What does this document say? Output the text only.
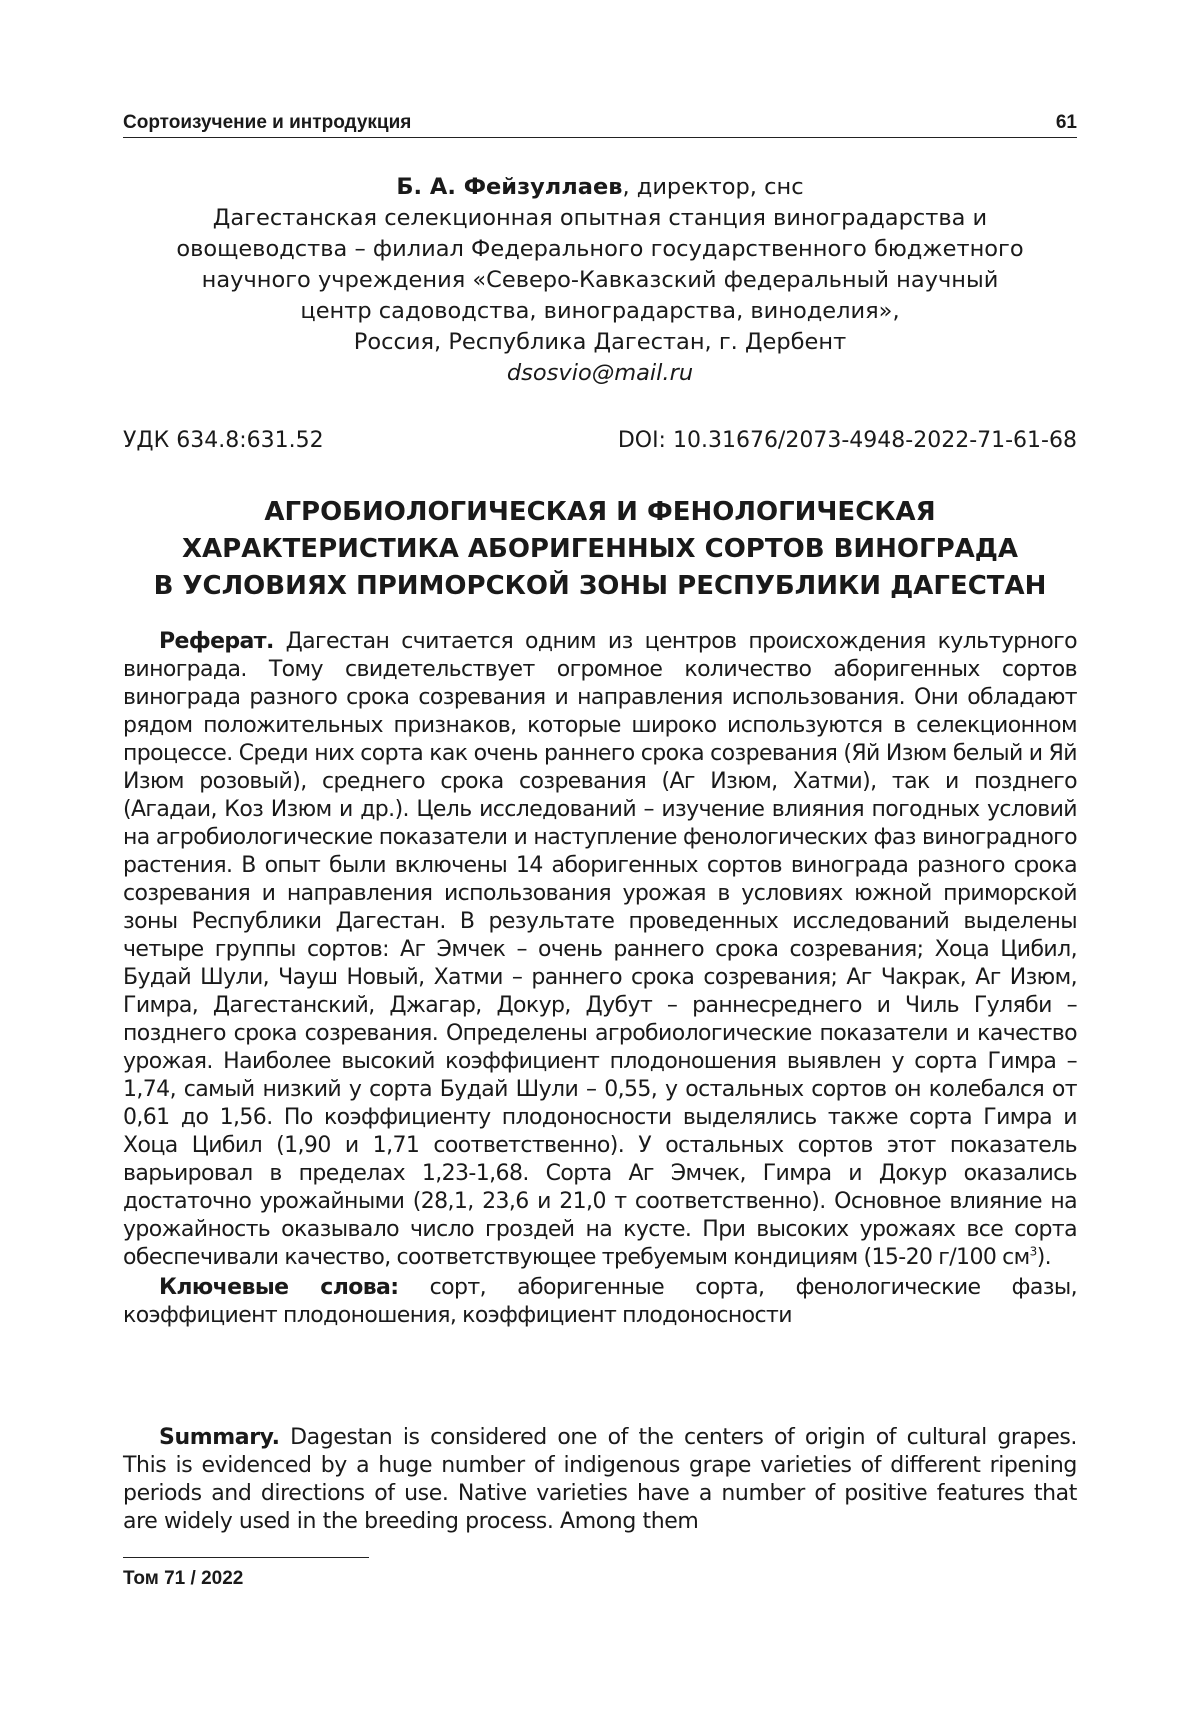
Сортоизучение и интродукция	61
Б. А. Фейзуллаев, директор, снс
Дагестанская селекционная опытная станция виноградарства и
овощеводства – филиал Федерального государственного бюджетного
научного учреждения «Северо-Кавказский федеральный научный
центр садоводства, виноградарства, виноделия»,
Россия, Республика Дагестан, г. Дербент
dsosvio@mail.ru
УДК 634.8:631.52	DOI: 10.31676/2073-4948-2022-71-61-68
АГРОБИОЛОГИЧЕСКАЯ И ФЕНОЛОГИЧЕСКАЯ
ХАРАКТЕРИСТИКА АБОРИГЕННЫХ СОРТОВ ВИНОГРАДА
В УСЛОВИЯХ ПРИМОРСКОЙ ЗОНЫ РЕСПУБЛИКИ ДАГЕСТАН

Реферат. Дагестан считается одним из центров происхождения культурного винограда. Тому свидетельствует огромное количество аборигенных сортов винограда разного срока созревания и направления использования. Они обладают рядом положительных признаков, которые широко используются в селекционном процессе. Среди них сорта как очень раннего срока созревания (Яй Изюм белый и Яй Изюм розовый), среднего срока созревания (Аг Изюм, Хатми), так и позднего (Агадаи, Коз Изюм и др.). Цель исследований – изучение влияния погодных условий на агробиологические показатели и наступление фенологических фаз виноградного растения. В опыт были включены 14 аборигенных сортов винограда разного срока созревания и направления использования урожая в условиях южной приморской зоны Республики Дагестан. В результате проведенных исследований выделены четыре группы сортов: Аг Эмчек – очень раннего срока созревания; Хоца Цибил, Будай Шули, Чауш Новый, Хатми – раннего срока созревания; Аг Чакрак, Аг Изюм, Гимра, Дагестанский, Джагар, Докур, Дубут – раннесреднего и Чиль Гуляби – позднего срока созревания. Определены агробиологические показатели и качество урожая. Наиболее высокий коэффициент плодоношения выявлен у сорта Гимра – 1,74, самый низкий у сорта Будай Шули – 0,55, у остальных сортов он колебался от 0,61 до 1,56. По коэффициенту плодоносности выделялись также сорта Гимра и Хоца Цибил (1,90 и 1,71 соответственно). У остальных сортов этот показатель варьировал в пределах 1,23-1,68. Сорта Аг Эмчек, Гимра и Докур оказались достаточно урожайными (28,1, 23,6 и 21,0 т соответственно). Основное влияние на урожайность оказывало число гроздей на кусте. При высоких урожаях все сорта обеспечивали качество, соответствующее требуемым кондициям (15-20 г/100 $см^3$).

Ключевые слова: сорт, аборигенные сорта, фенологические фазы, коэффициент плодоношения, коэффициент плодоносности

Summary. Dagestan is considered one of the centers of origin of cultural grapes. This is evidenced by a huge number of indigenous grape varieties of different ripening periods and directions of use. Native varieties have a number of positive features that are widely used in the breeding process. Among them

Том 71 / 2022
